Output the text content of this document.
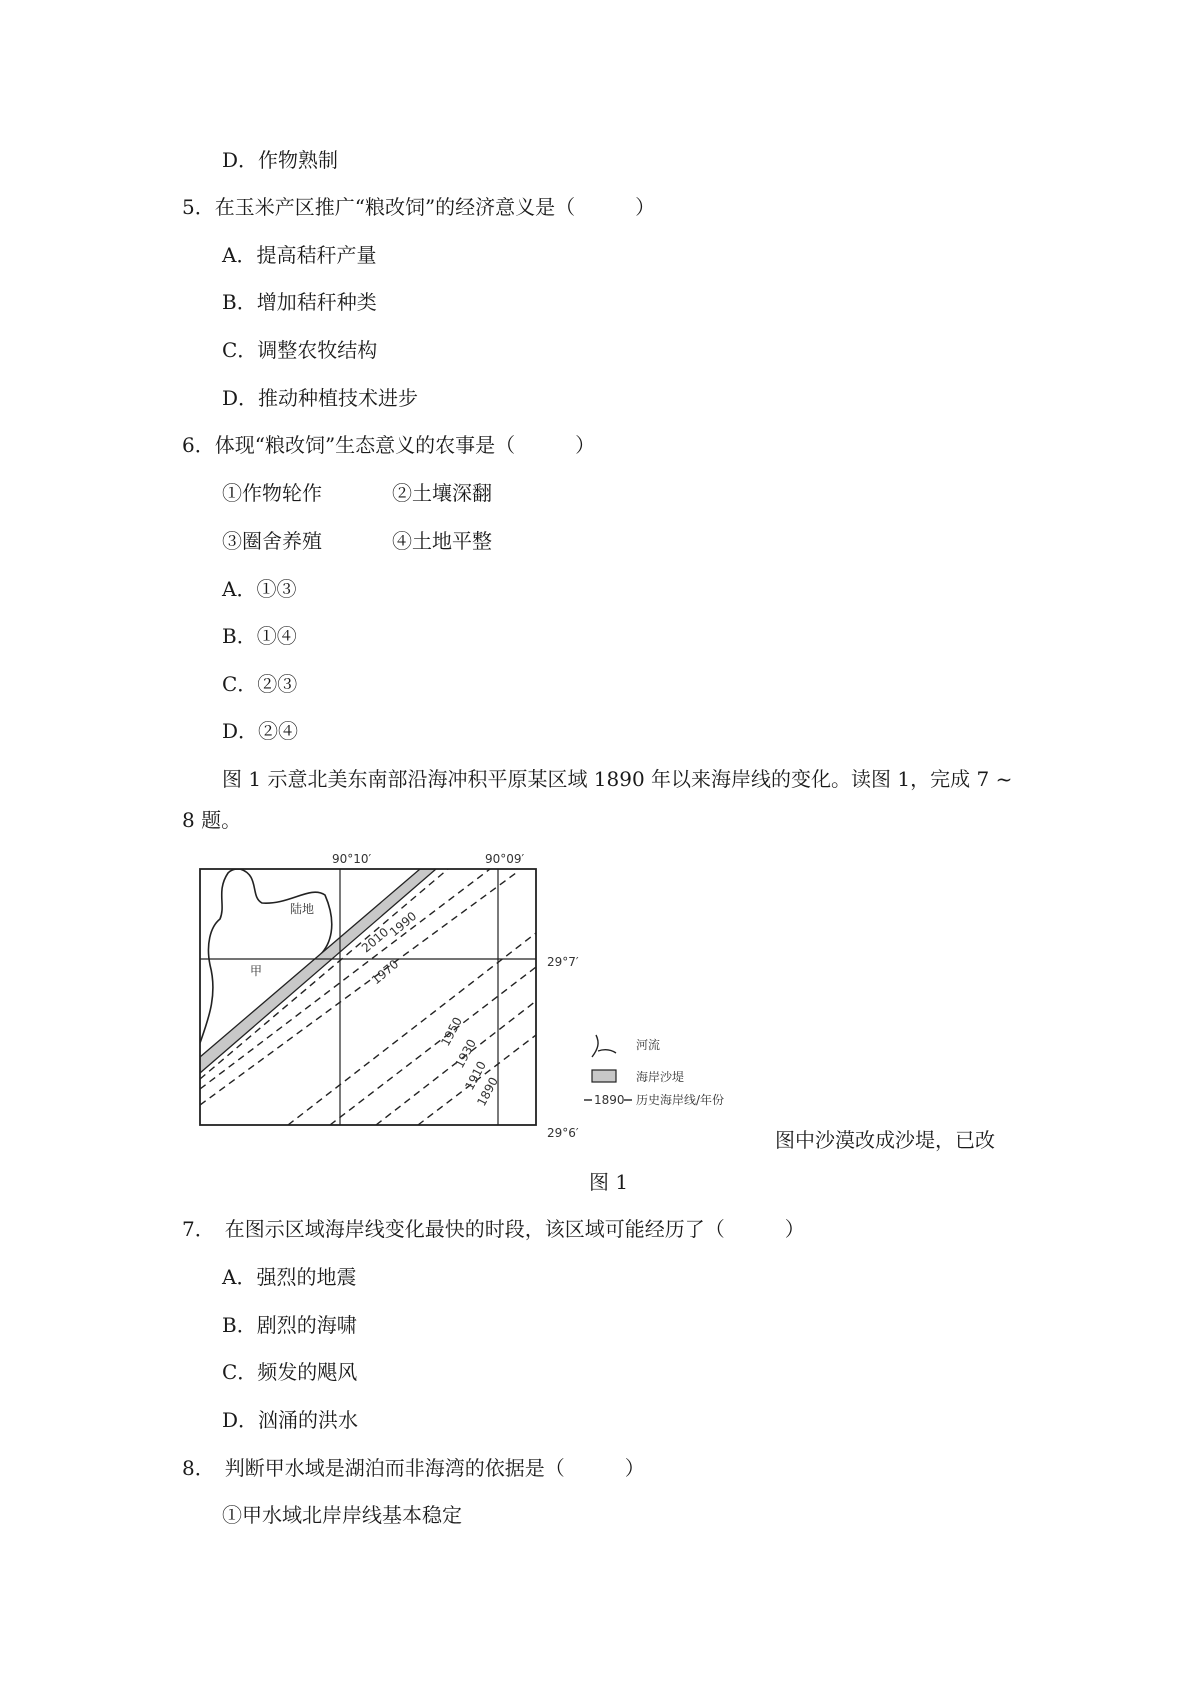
D．作物熟制
5．在玉米产区推广“粮改饲”的经济意义是（　　　）
A．提高秸秆产量
B．增加秸秆种类
C．调整农牧结构
D．推动种植技术进步
6．体现“粮改饲”生态意义的农事是（　　　）
①作物轮作	②土壤深翻
③圈舍养殖	④土地平整
A．①③
B．①④
C．②③
D．②④
图 1 示意北美东南部沿海冲积平原某区域 1890 年以来海岸线的变化。读图 1，完成 7 ~
8 题。
90°10′	90°09′
29°7′
29°6′
陆地
甲
2010
1990
1970
1950
1930
1910
1890
河流
海岸沙堤
1890 历史海岸线/年份
图中沙漠改成沙堤，已改
图 1
7．　在图示区域海岸线变化最快的时段，该区域可能经历了（　　　）
A．强烈的地震
B．剧烈的海啸
C．频发的飓风
D．汹涌的洪水
8．　判断甲水域是湖泊而非海湾的依据是（　　　）
①甲水域北岸岸线基本稳定
